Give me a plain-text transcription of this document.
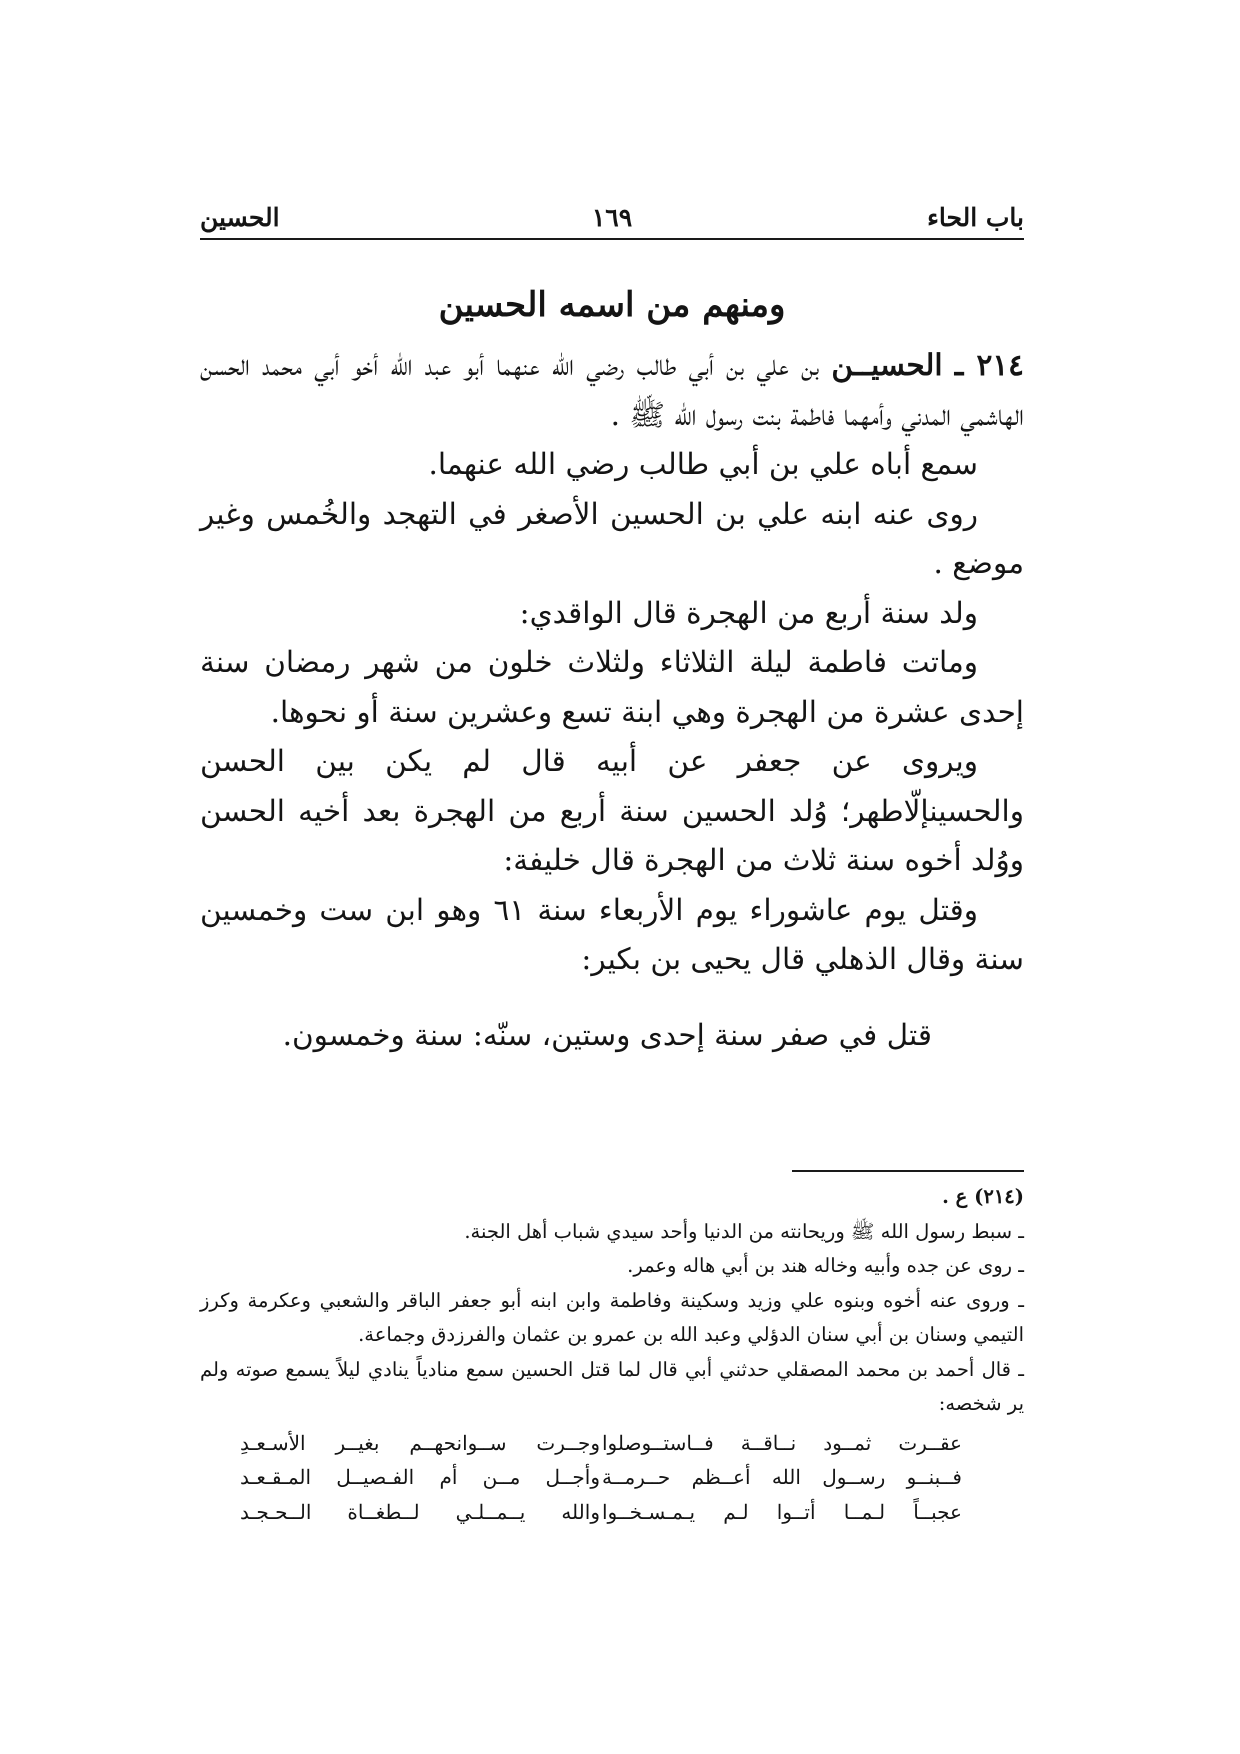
باب الحاء
١٦٩
الحسين
ومنهم من اسمه الحسين

٢١٤ ـ الحسيــن بن علي بن أبي طالب رضي الله عنهما أبو عبد الله أخو أبي محمد الحسن الهاشمي المدني وأمهما فاطمة بنت رسول الله ﷺ .

سمع أباه علي بن أبي طالب رضي الله عنهما.

روى عنه ابنه علي بن الحسين الأصغر في التهجد والخُمس وغير موضع .

ولد سنة أربع من الهجرة قال الواقدي:

وماتت فاطمة ليلة الثلاثاء ولثلاث خلون من شهر رمضان سنة إحدى عشرة من الهجرة وهي ابنة تسع وعشرين سنة أو نحوها.

ويروى عن جعفر عن أبيه قال لم يكن بين الحسن والحسينإلّاطهر؛ وُلد الحسين سنة أربع من الهجرة بعد أخيه الحسن ووُلد أخوه سنة ثلاث من الهجرة قال خليفة:

وقتل يوم عاشوراء يوم الأربعاء سنة ٦١ وهو ابن ست وخمسين سنة وقال الذهلي قال يحيى بن بكير:

قتل في صفر سنة إحدى وستين، سنّه: سنة وخمسون.

(٢١٤) ع .

ـ سبط رسول الله ﷺ وريحانته من الدنيا وأحد سيدي شباب أهل الجنة.

ـ روى عن جده وأبيه وخاله هند بن أبي هاله وعمر.

ـ وروى عنه أخوه وبنوه علي وزيد وسكينة وفاطمة وابن ابنه أبو جعفر الباقر والشعبي وعكرمة وكرز التيمي وسنان بن أبي سنان الدؤلي وعبد الله بن عمرو بن عثمان والفرزدق وجماعة.

ـ قال أحمد بن محمد المصقلي حدثني أبي قال لما قتل الحسين سمع منادياً ينادي ليلاً يسمع صوته ولم ير شخصه:

عقــرت ثمــود نــاقــة فــاستــوصلوا
وجــرت ســوانحهــم بغيــر الأسـعـدِ
فــبنــو رســول الله أعــظم حــرمــة
وأجــل مــن أم الفـصيــل المـقـعـد
عجبــاً لـمــا أتــوا لـم يـمـسـخــوا
والله يــمــلـي لــطغــاة الــحـجـد
